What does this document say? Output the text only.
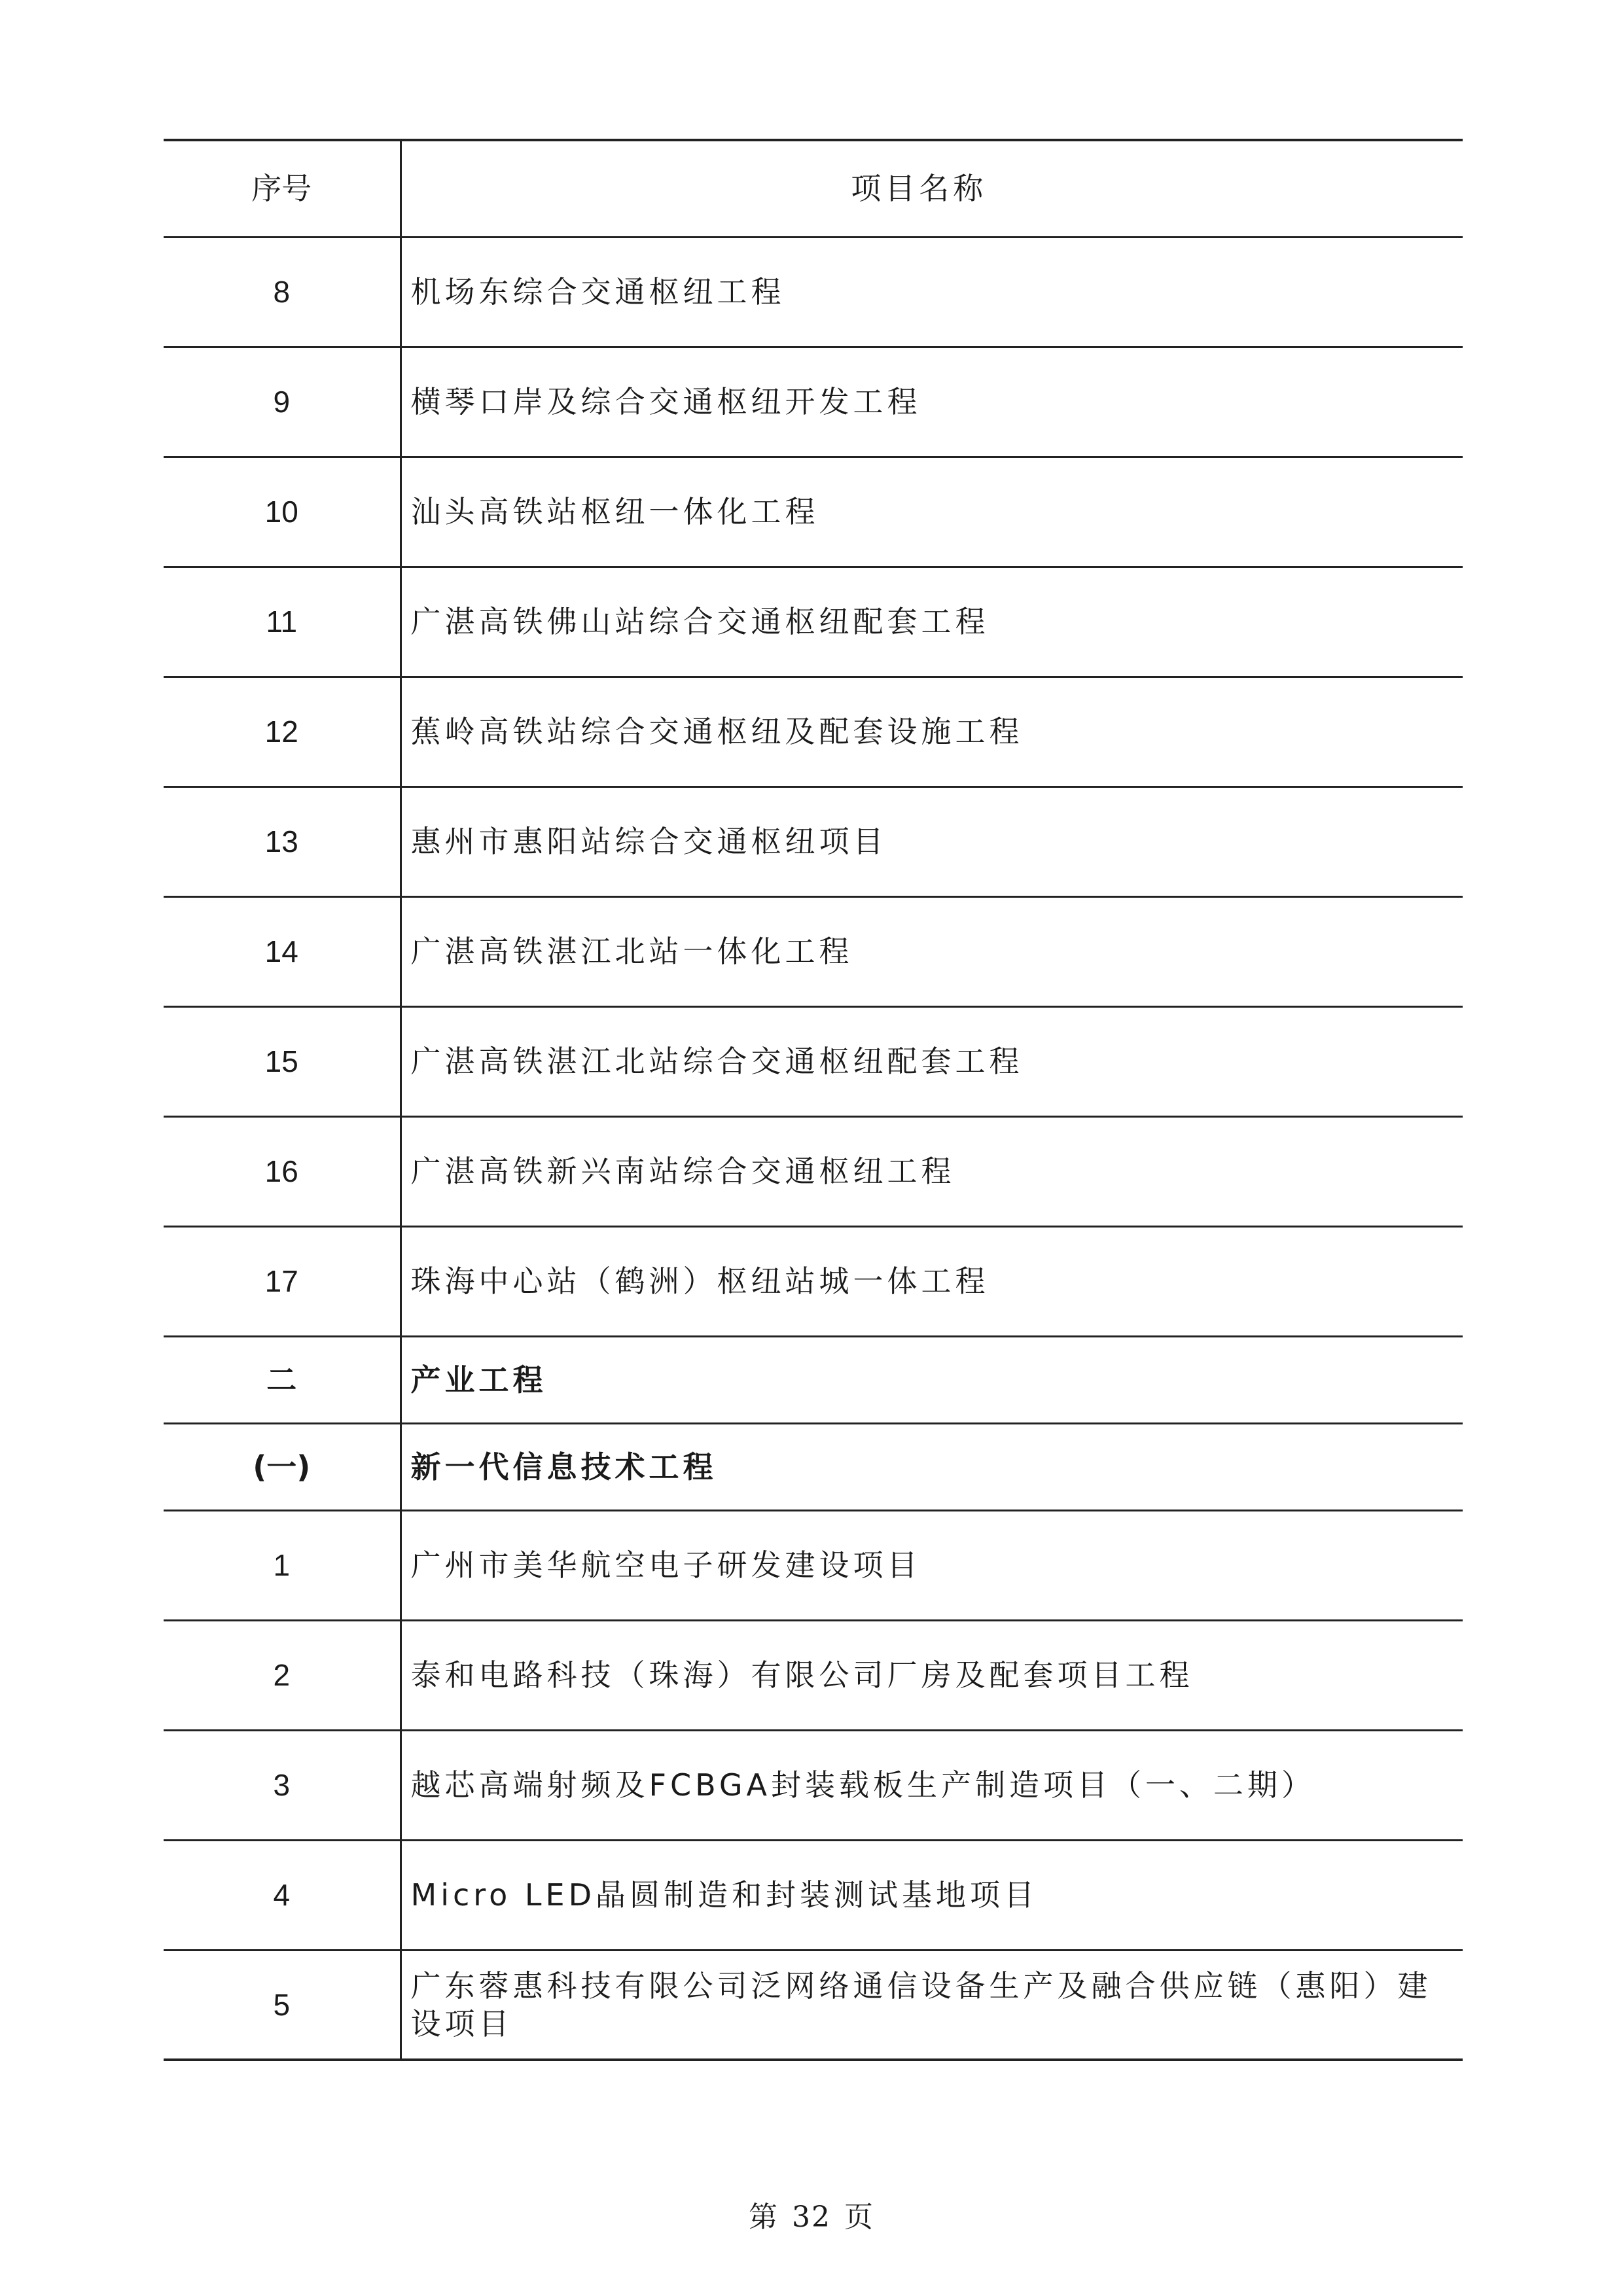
序号	项目名称
8	机场东综合交通枢纽工程
9	横琴口岸及综合交通枢纽开发工程
10	汕头高铁站枢纽一体化工程
11	广湛高铁佛山站综合交通枢纽配套工程
12	蕉岭高铁站综合交通枢纽及配套设施工程
13	惠州市惠阳站综合交通枢纽项目
14	广湛高铁湛江北站一体化工程
15	广湛高铁湛江北站综合交通枢纽配套工程
16	广湛高铁新兴南站综合交通枢纽工程
17	珠海中心站（鹤洲）枢纽站城一体工程
二	产业工程
(一)	新一代信息技术工程
1	广州市美华航空电子研发建设项目
2	泰和电路科技（珠海）有限公司厂房及配套项目工程
3	越芯高端射频及FCBGA封装载板生产制造项目（一、二期）
4	Micro LED晶圆制造和封装测试基地项目
5	广东蓉惠科技有限公司泛网络通信设备生产及融合供应链（惠阳）建设项目
第 32 页
